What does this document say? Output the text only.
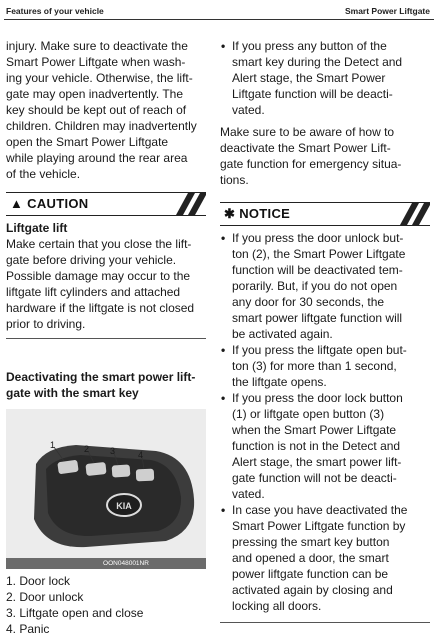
Features of your vehicle	Smart Power Liftgate

injury. Make sure to deactivate the
Smart Power Liftgate when wash-
ing your vehicle. Otherwise, the lift-
gate may open inadvertently. The
key should be kept out of reach of
children. Children may inadvertently
open the Smart Power Liftgate
while playing around the rear area
of the vehicle.

▲ CAUTION

Liftgate lift

Make certain that you close the lift-
gate before driving your vehicle.
Possible damage may occur to the
liftgate lift cylinders and attached
hardware if the liftgate is not closed
prior to driving.

Deactivating the smart power lift-
gate with the smart key

KIA
1	2 3	4
OON048001NR
1. Door lock
2. Door unlock
3. Liftgate open and close
4. Panic
• If you press any button of the
smart key during the Detect and
Alert stage, the Smart Power
Liftgate function will be deacti-
vated.

Make sure to be aware of how to
deactivate the Smart Power Lift-
gate function for emergency situa-
tions.

✱ NOTICE
• If you press the door unlock but-
ton (2), the Smart Power Liftgate
function will be deactivated tem-
porarily. But, if you do not open
any door for 30 seconds, the
smart power liftgate function will
be activated again.
• If you press the liftgate open but-
ton (3) for more than 1 second,
the liftgate opens.
• If you press the door lock button
(1) or liftgate open button (3)
when the Smart Power Liftgate
function is not in the Detect and
Alert stage, the smart power lift-
gate function will not be deacti-
vated.
• In case you have deactivated the
Smart Power Liftgate function by
pressing the smart key button
and opened a door, the smart
power liftgate function can be
activated again by closing and
locking all doors.
